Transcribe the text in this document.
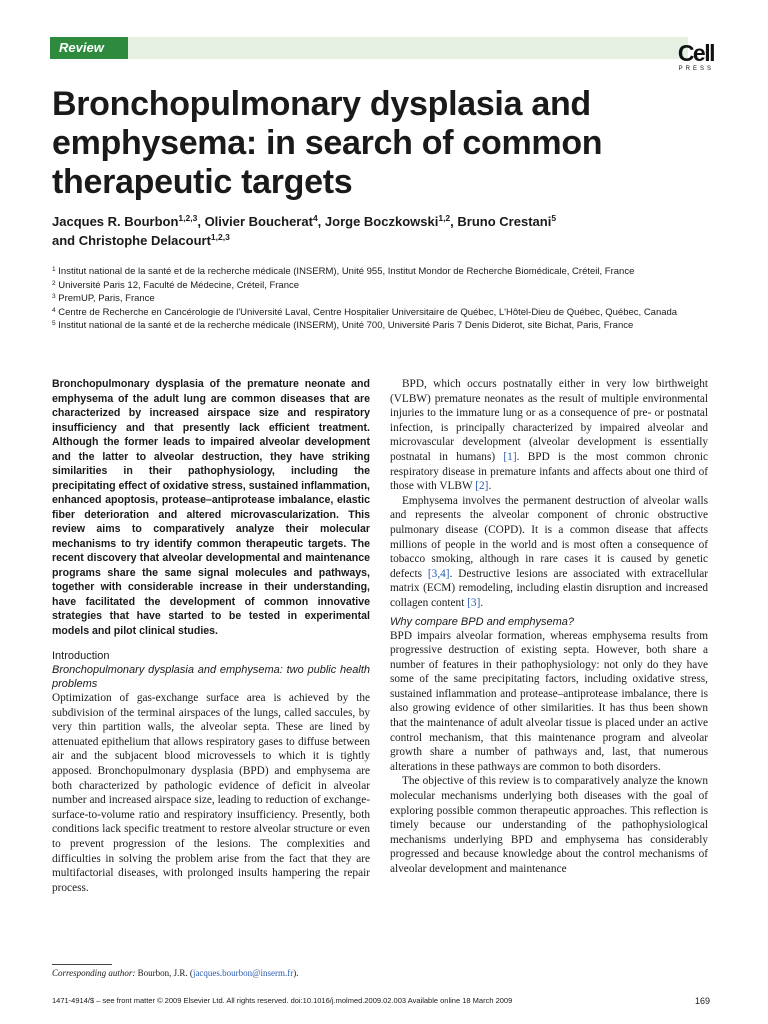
Review	Cell
PRESS
Bronchopulmonary dysplasia and emphysema: in search of common therapeutic targets
Jacques R. Bourbon$^{1,2,3}$, Olivier Boucherat$^4$, Jorge Boczkowski$^{1,2}$, Bruno Crestani$^5$
and Christophe Delacourt$^{1,2,3}$
$^1$ Institut national de la santé et de la recherche médicale (INSERM), Unité 955, Institut Mondor de Recherche Biomédicale, Créteil, France
$^2$ Université Paris 12, Faculté de Médecine, Créteil, France
$^3$ PremUP, Paris, France
$^4$ Centre de Recherche en Cancérologie de l'Université Laval, Centre Hospitalier Universitaire de Québec, L'Hôtel-Dieu de Québec, Québec, Canada
$^5$ Institut national de la santé et de la recherche médicale (INSERM), Unité 700, Université Paris 7 Denis Diderot, site Bichat, Paris, France

Bronchopulmonary dysplasia of the premature neonate and emphysema of the adult lung are common diseases that are characterized by increased airspace size and respiratory insufficiency and that presently lack efficient treatment. Although the former leads to impaired alveolar development and the latter to alveolar destruction, they have striking similarities in their pathophysiology, including the precipitating effect of oxidative stress, sustained inflammation, enhanced apoptosis, protease–antiprotease imbalance, elastic fiber deterioration and altered microvascularization. This review aims to comparatively analyze their molecular mechanisms to try identify common therapeutic targets. The recent discovery that alveolar developmental and maintenance programs share the same signal molecules and pathways, together with considerable increase in their understanding, have facilitated the development of common innovative strategies that have started to be tested in experimental models and pilot clinical studies.

Introduction
Bronchopulmonary dysplasia and emphysema: two public health problems

Optimization of gas-exchange surface area is achieved by the subdivision of the terminal airspaces of the lungs, called saccules, by very thin partition walls, the alveolar septa. These are lined by attenuated epithelium that allows respiratory gases to diffuse between air and the subjacent blood microvessels to which it is tightly apposed. Bronchopulmonary dysplasia (BPD) and emphysema are both characterized by pathologic evidence of deficit in alveolar number and increased airspace size, leading to reduction of exchange-surface-to-volume ratio and respiratory insufficiency. Presently, both conditions lack specific treatment to restore alveolar structure or even to prevent progression of the lesions. The complexities and difficulties in solving the problem arise from the fact that they are multifactorial diseases, with prolonged insults hampering the repair process.

BPD, which occurs postnatally either in very low birthweight (VLBW) premature neonates as the result of multiple environmental injuries to the immature lung or as a consequence of pre- or postnatal infection, is principally characterized by impaired alveolar and microvascular development (alveolar development is essentially postnatal in humans) [1]. BPD is the most common chronic respiratory disease in premature infants and affects about one third of those with VLBW [2].

Emphysema involves the permanent destruction of alveolar walls and represents the alveolar component of chronic obstructive pulmonary disease (COPD). It is a common disease that affects millions of people in the world and is most often a consequence of tobacco smoking, although in rare cases it is caused by genetic defects [3,4]. Destructive lesions are associated with extracellular matrix (ECM) remodeling, including elastin disruption and increased collagen content [3].

Why compare BPD and emphysema?

BPD impairs alveolar formation, whereas emphysema results from progressive destruction of existing septa. However, both share a number of features in their pathophysiology: not only do they have some of the same precipitating factors, including oxidative stress, sustained inflammation and protease–antiprotease imbalance, there is also growing evidence of other similarities. It has thus been shown that the maintenance of adult alveolar tissue is placed under an active control mechanism, that this maintenance program and alveolar growth share a number of pathways and, last, that numerous alterations in these pathways are common to both disorders.

The objective of this review is to comparatively analyze the known molecular mechanisms underlying both diseases with the goal of exploring possible common therapeutic approaches. This reflection is timely because our understanding of the pathophysiological mechanisms underlying BPD and emphysema has considerably progressed and because knowledge about the control mechanisms of alveolar development and maintenance

Corresponding author: Bourbon, J.R. (jacques.bourbon@inserm.fr).
1471-4914/$ – see front matter © 2009 Elsevier Ltd. All rights reserved. doi:10.1016/j.molmed.2009.02.003 Available online 18 March 2009	169
